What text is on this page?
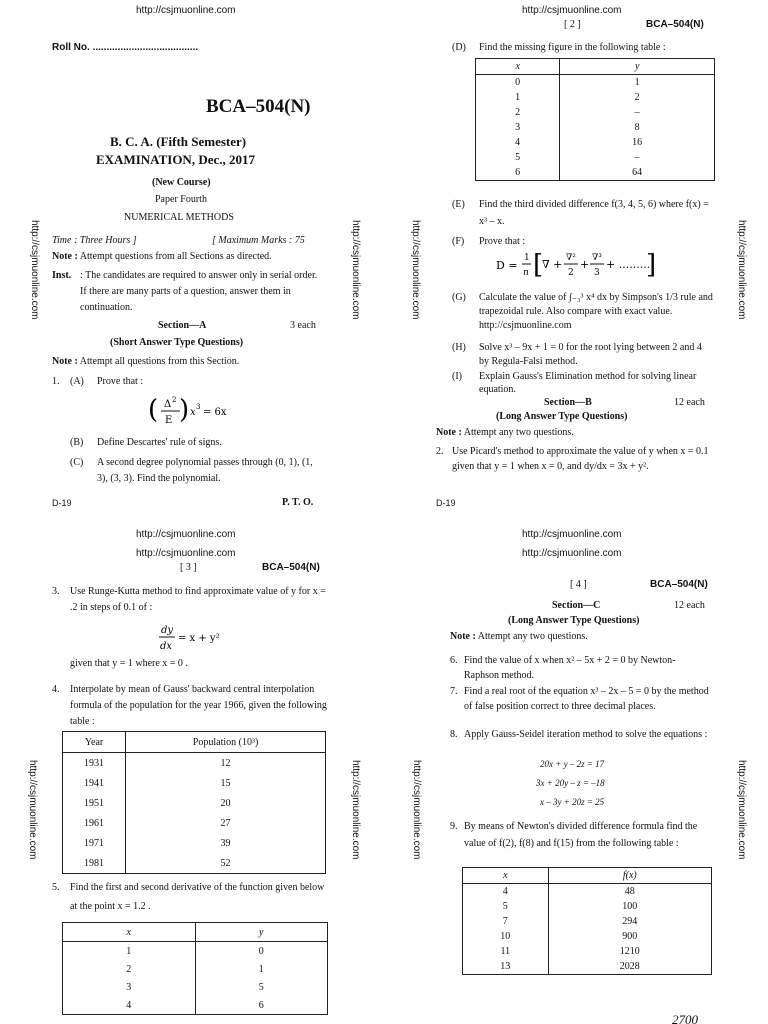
http://csjmuonline.com
Roll No. ......................................
BCA–504(N)
B. C. A. (Fifth Semester)
EXAMINATION, Dec., 2017
(New Course)
Paper Fourth
NUMERICAL METHODS
Time : Three Hours ]	[ Maximum Marks : 75
Note : Attempt questions from all Sections as directed.
Inst. : The candidates are required to answer only in serial order. If there are many parts of a question, answer them in continuation.
Section—A	3 each
(Short Answer Type Questions)
Note : Attempt all questions from this Section.
1. (A) Prove that :
( Δ 2
E ) x 3 = 6x
(B) Define Descartes' rule of signs.
(C)	A second degree polynomial passes through (0, 1), (1, 3), (3, 3). Find the polynomial.
D-19	P. T. O.
http://csjmuonline.com	http://csjmuonline.com
http://csjmuonline.com
[ 2 ]	BCA–504(N)
(D) Find the missing figure in the following table :
x	y
0	1
1	2
2	–
3	8
4	16
5	–
6	64
(E)	Find the third divided difference f(3, 4, 5, 6) where f(x) = x³ – x.
(F) Prove that :
D =
1
n [
∇ + ∇²
2
+ ∇³
3
+ .........
]
(G)	Calculate the value of ∫₋₃³ x⁴ dx by Simpson's 1/3 rule and trapezoidal rule. Also compare with exact value. http://csjmuonline.com
(H)	Solve x³ – 9x + 1 = 0 for the root lying between 2 and 4 by Regula-Falsi method.
(I)	Explain Gauss's Elimination method for solving linear equation.
Section—B	12 each
(Long Answer Type Questions)
Note : Attempt any two questions.
2. Use Picard's method to approximate the value of y when x = 0.1 given that y = 1 when x = 0, and dy/dx = 3x + y².
D-19
http://csjmuonline.com	http://csjmuonline.com
http://csjmuonline.com
http://csjmuonline.com
[ 3 ]	BCA–504(N)
3.	Use Runge-Kutta method to find approximate value of y for x = .2 in steps of 0.1 of :
dy
dx
= x + y²
given that y = 1 where x = 0 .
4.	Interpolate by mean of Gauss' backward central interpolation formula of the population for the year 1966, given the following table :
Year	Population (10³)
1931	12
1941	15
1951	20
1961	27
1971	39
1981	52
5.	Find the first and second derivative of the function given below at the point x = 1.2 .
x	y
1	0
2	1
3	5
4	6
http://csjmuonline.com	http://csjmuonline.com
http://csjmuonline.com
http://csjmuonline.com
[ 4 ]	BCA–504(N)
Section—C	12 each
(Long Answer Type Questions)
Note : Attempt any two questions.
6. Find the value of x when x² – 5x + 2 = 0 by Newton-Raphson method.
7. Find a real root of the equation x³ – 2x – 5 = 0 by the method of false position correct to three decimal places.
8. Apply Gauss-Seidel iteration method to solve the equations :
20x + y – 2z = 17
3x + 20y – z = –18
x – 3y + 20z = 25
9. By means of Newton's divided difference formula find the value of f(2), f(8) and f(15) from the following table :
x	f(x)
4	48
5	100
7	294
10	900
11	1210
13	2028
2700
http://csjmuonline.com	http://csjmuonline.com
